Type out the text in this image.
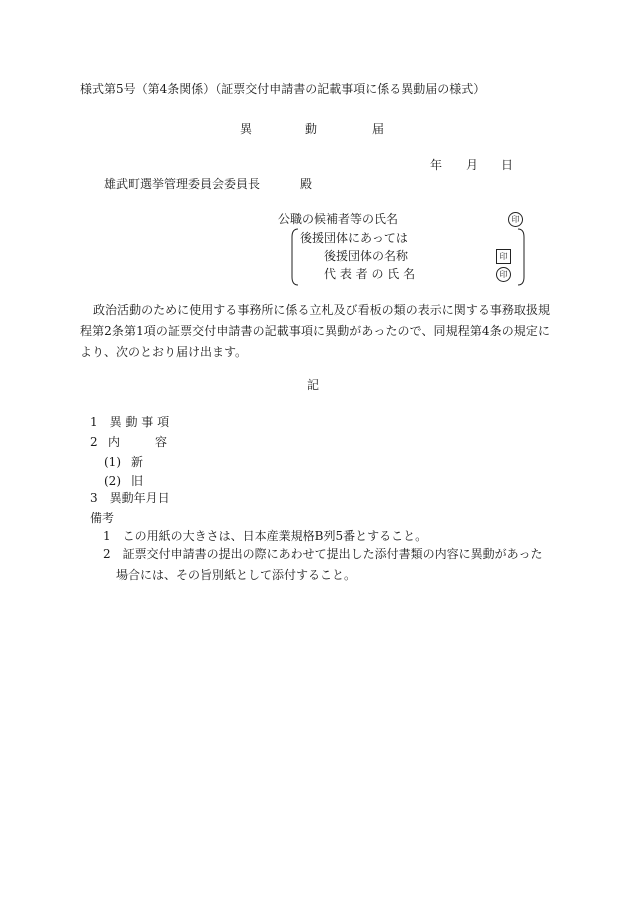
様式第5号（第4条関係）（証票交付申請書の記載事項に係る異動届の様式）
異	動	届
年 月 日
雄武町選挙管理委員会委員長	殿
公職の候補者等の氏名	印
後援団体にあっては
後援団体の名称	印
代 表 者 の 氏 名	印
政治活動のために使用する事務所に係る立札及び看板の類の表示に関する事務取扱規程第2条第1項の証票交付申請書の記載事項に異動があったので、同規程第4条の規定により、次のとおり届け出ます。
記
1　異 動 事 項
2 内	容
(1) 新
(2) 旧
3　異動年月日
備考
1　この用紙の大きさは、日本産業規格B列5番とすること。
2　証票交付申請書の提出の際にあわせて提出した添付書類の内容に異動があった場合には、その旨別紙として添付すること。
